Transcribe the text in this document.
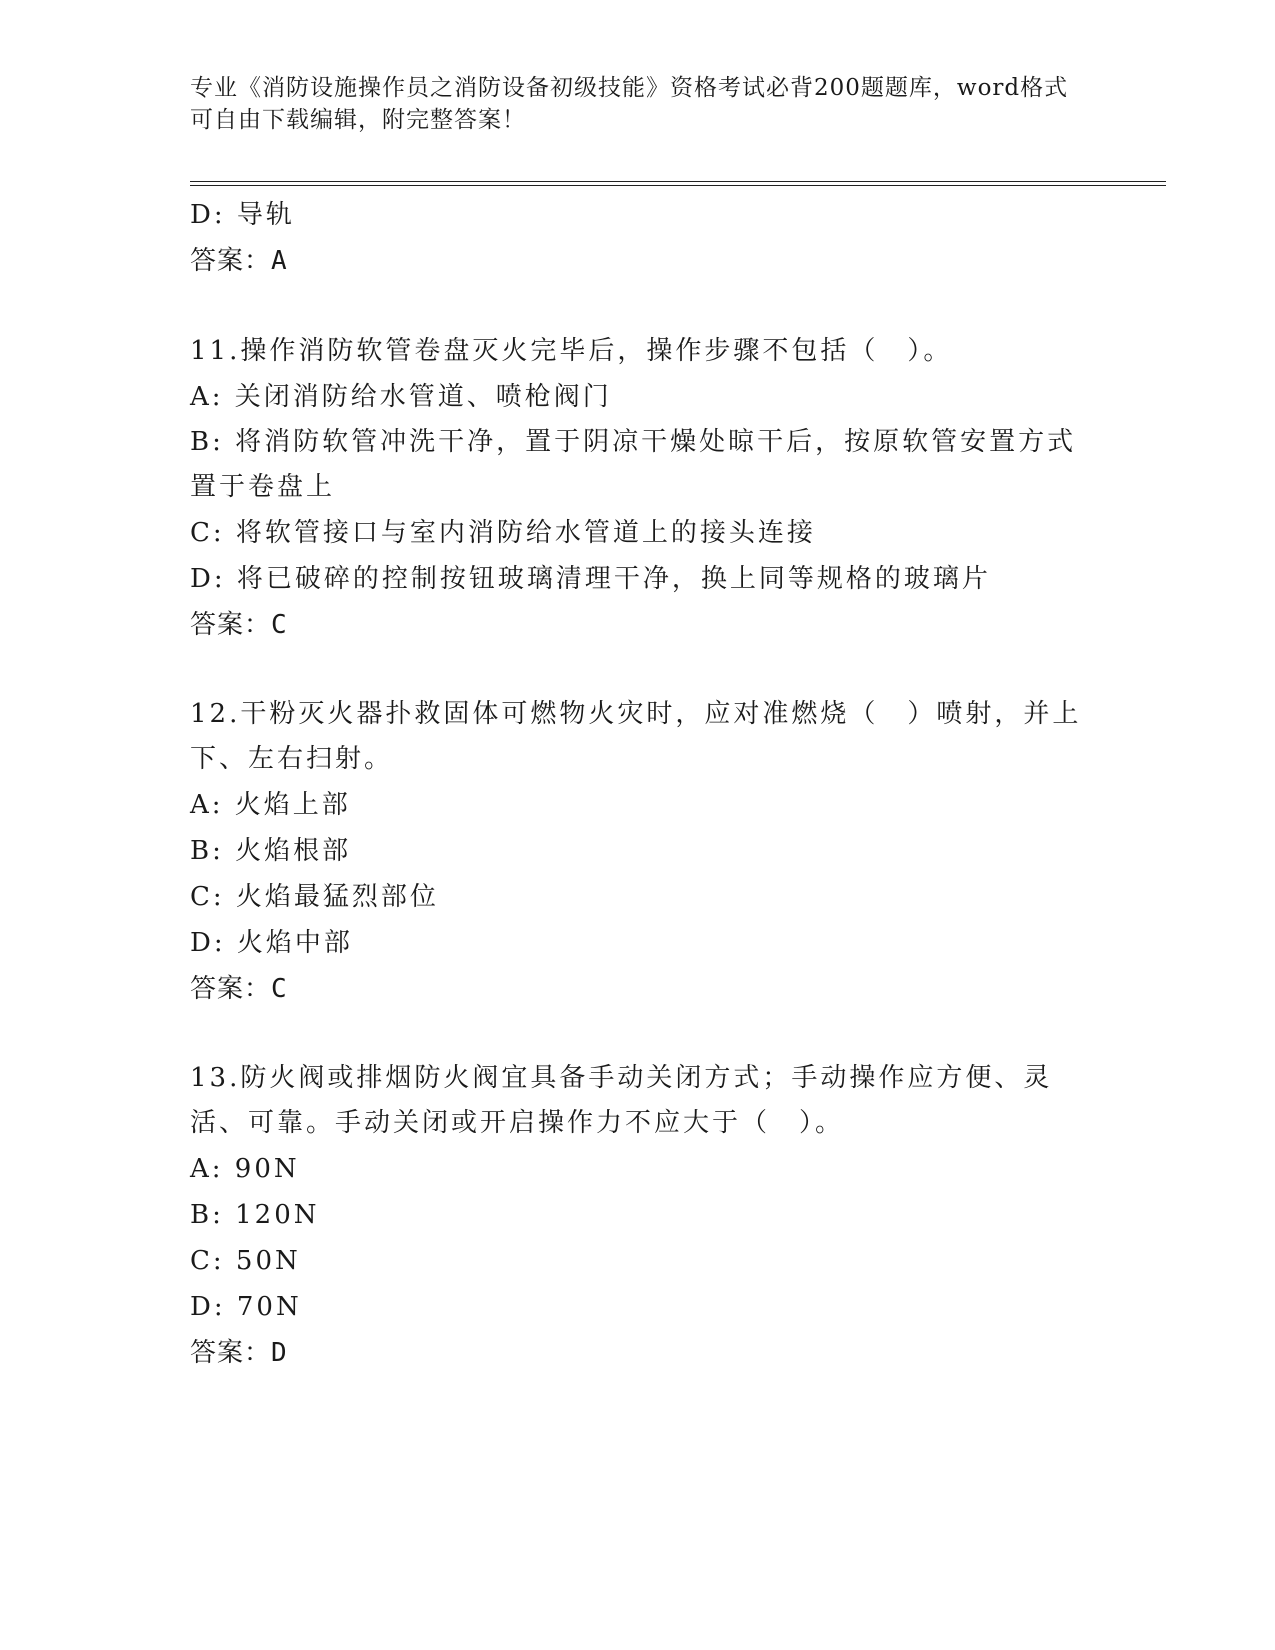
专业《消防设施操作员之消防设备初级技能》资格考试必背200题题库，word格式可自由下载编辑，附完整答案！
D: 导轨
答案：A
11.操作消防软管卷盘灭火完毕后，操作步骤不包括（　）。
A: 关闭消防给水管道、喷枪阀门
B: 将消防软管冲洗干净，置于阴凉干燥处晾干后，按原软管安置方式置于卷盘上
C: 将软管接口与室内消防给水管道上的接头连接
D: 将已破碎的控制按钮玻璃清理干净，换上同等规格的玻璃片
答案：C
12.干粉灭火器扑救固体可燃物火灾时，应对准燃烧（　）喷射，并上下、左右扫射。
A: 火焰上部
B: 火焰根部
C: 火焰最猛烈部位
D: 火焰中部
答案：C
13.防火阀或排烟防火阀宜具备手动关闭方式；手动操作应方便、灵活、可靠。手动关闭或开启操作力不应大于（　）。
A: 90N
B: 120N
C: 50N
D: 70N
答案：D
